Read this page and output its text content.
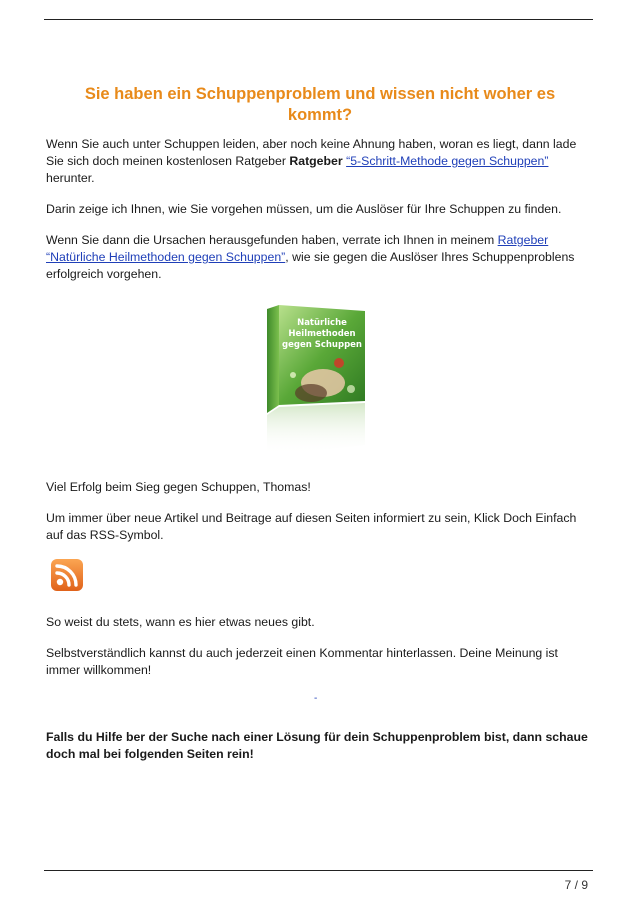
Sie haben ein Schuppenproblem und wissen nicht woher es kommt?

Wenn Sie auch unter Schuppen leiden, aber noch keine Ahnung haben, woran es liegt, dann lade Sie sich doch meinen kostenlosen Ratgeber Ratgeber “5-Schritt-Methode gegen Schuppen” herunter.

Darin zeige ich Ihnen, wie Sie vorgehen müssen, um die Auslöser für Ihre Schuppen zu finden.

Wenn Sie dann die Ursachen herausgefunden haben, verrate ich Ihnen in meinem Ratgeber “Natürliche Heilmethoden gegen Schuppen”, wie sie gegen die Auslöser Ihres Schuppenproblens erfolgreich vorgehen.

Natürliche
Heilmethoden
gegen Schuppen

Viel Erfolg beim Sieg gegen Schuppen, Thomas!

Um immer über neue Artikel und Beitrage auf diesen Seiten informiert zu sein, Klick Doch Einfach auf das RSS-Symbol.

So weist du stets, wann es hier etwas neues gibt.

Selbstverständlich kannst du auch jederzeit einen Kommentar hinterlassen. Deine Meinung ist immer willkommen!

-

Falls du Hilfe ber der Suche nach einer Lösung für dein Schuppenproblem bist, dann schaue doch mal bei folgenden Seiten rein!

7 / 9
